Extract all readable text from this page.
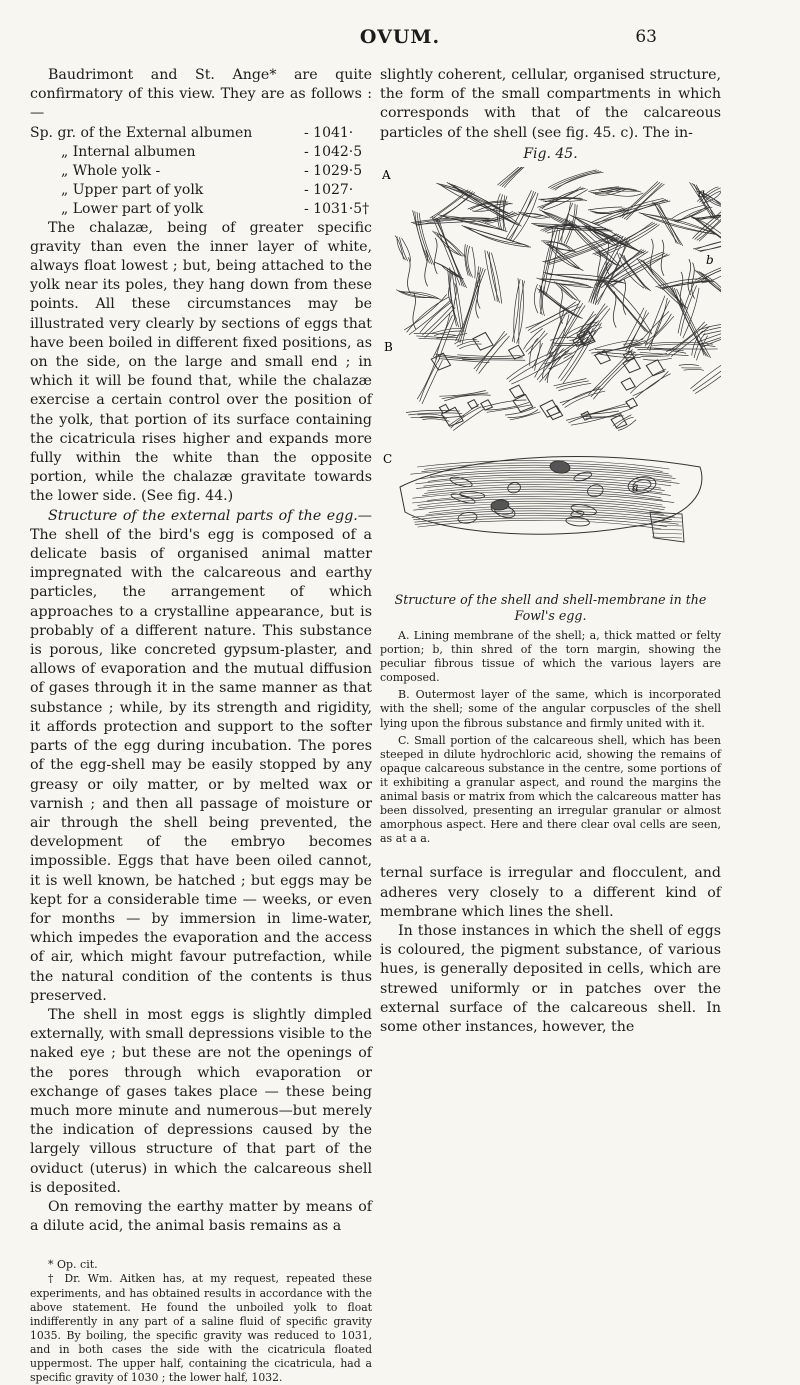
OVUM.	63

Baudrimont and St. Ange* are quite confirmatory of this view. They are as follows : —

Sp. gr. of the External albumen	- 1041·
„ Internal albumen	- 1042·5
„ Whole yolk -	- 1029·5
„ Upper part of yolk	- 1027·
„ Lower part of yolk	- 1031·5†

The chalazæ, being of greater specific gravity than even the inner layer of white, always float lowest ; but, being attached to the yolk near its poles, they hang down from these points. All these circumstances may be illustrated very clearly by sections of eggs that have been boiled in different fixed positions, as on the side, on the large and small end ; in which it will be found that, while the chalazæ exercise a certain control over the position of the yolk, that portion of its surface containing the cicatricula rises higher and expands more fully within the white than the opposite portion, while the chalazæ gravitate towards the lower side. (See fig. 44.)

Structure of the external parts of the egg.— The shell of the bird's egg is composed of a delicate basis of organised animal matter impregnated with the calcareous and earthy particles, the arrangement of which approaches to a crystalline appearance, but is probably of a different nature. This substance is porous, like concreted gypsum-plaster, and allows of evaporation and the mutual diffusion of gases through it in the same manner as that substance ; while, by its strength and rigidity, it affords protection and support to the softer parts of the egg during incubation. The pores of the egg-shell may be easily stopped by any greasy or oily matter, or by melted wax or varnish ; and then all passage of moisture or air through the shell being prevented, the development of the embryo becomes impossible. Eggs that have been oiled cannot, it is well known, be hatched ; but eggs may be kept for a considerable time — weeks, or even for months — by immersion in lime-water, which impedes the evaporation and the access of air, which might favour putrefaction, while the natural condition of the contents is thus preserved.

The shell in most eggs is slightly dimpled externally, with small depressions visible to the naked eye ; but these are not the openings of the pores through which evaporation or exchange of gases takes place — these being much more minute and numerous—but merely the indication of depressions caused by the largely villous structure of that part of the oviduct (uterus) in which the calcareous shell is deposited.

On removing the earthy matter by means of a dilute acid, the animal basis remains as a

* Op. cit.

† Dr. Wm. Aitken has, at my request, repeated these experiments, and has obtained results in accordance with the above statement. He found the unboiled yolk to float indifferently in any part of a saline fluid of specific gravity 1035. By boiling, the specific gravity was reduced to 1031, and in both cases the side with the cicatricula floated uppermost. The upper half, containing the cicatricula, had a specific gravity of 1030 ; the lower half, 1032.

slightly coherent, cellular, organised structure, the form of the small compartments in which corresponds with that of the calcareous particles of the shell (see fig. 45. c). The in-

Fig. 45.
A
a
b
B
C
a
Structure of the shell and shell-membrane in the Fowl's egg.

A. Lining membrane of the shell; a, thick matted or felty portion; b, thin shred of the torn margin, showing the peculiar fibrous tissue of which the various layers are composed.

B. Outermost layer of the same, which is incorporated with the shell; some of the angular corpuscles of the shell lying upon the fibrous substance and firmly united with it.

C. Small portion of the calcareous shell, which has been steeped in dilute hydrochloric acid, showing the remains of opaque calcareous substance in the centre, some portions of it exhibiting a granular aspect, and round the margins the animal basis or matrix from which the calcareous matter has been dissolved, presenting an irregular granular or almost amorphous aspect. Here and there clear oval cells are seen, as at a a.

ternal surface is irregular and flocculent, and adheres very closely to a different kind of membrane which lines the shell.

In those instances in which the shell of eggs is coloured, the pigment substance, of various hues, is generally deposited in cells, which are strewed uniformly or in patches over the external surface of the calcareous shell. In some other instances, however, the
